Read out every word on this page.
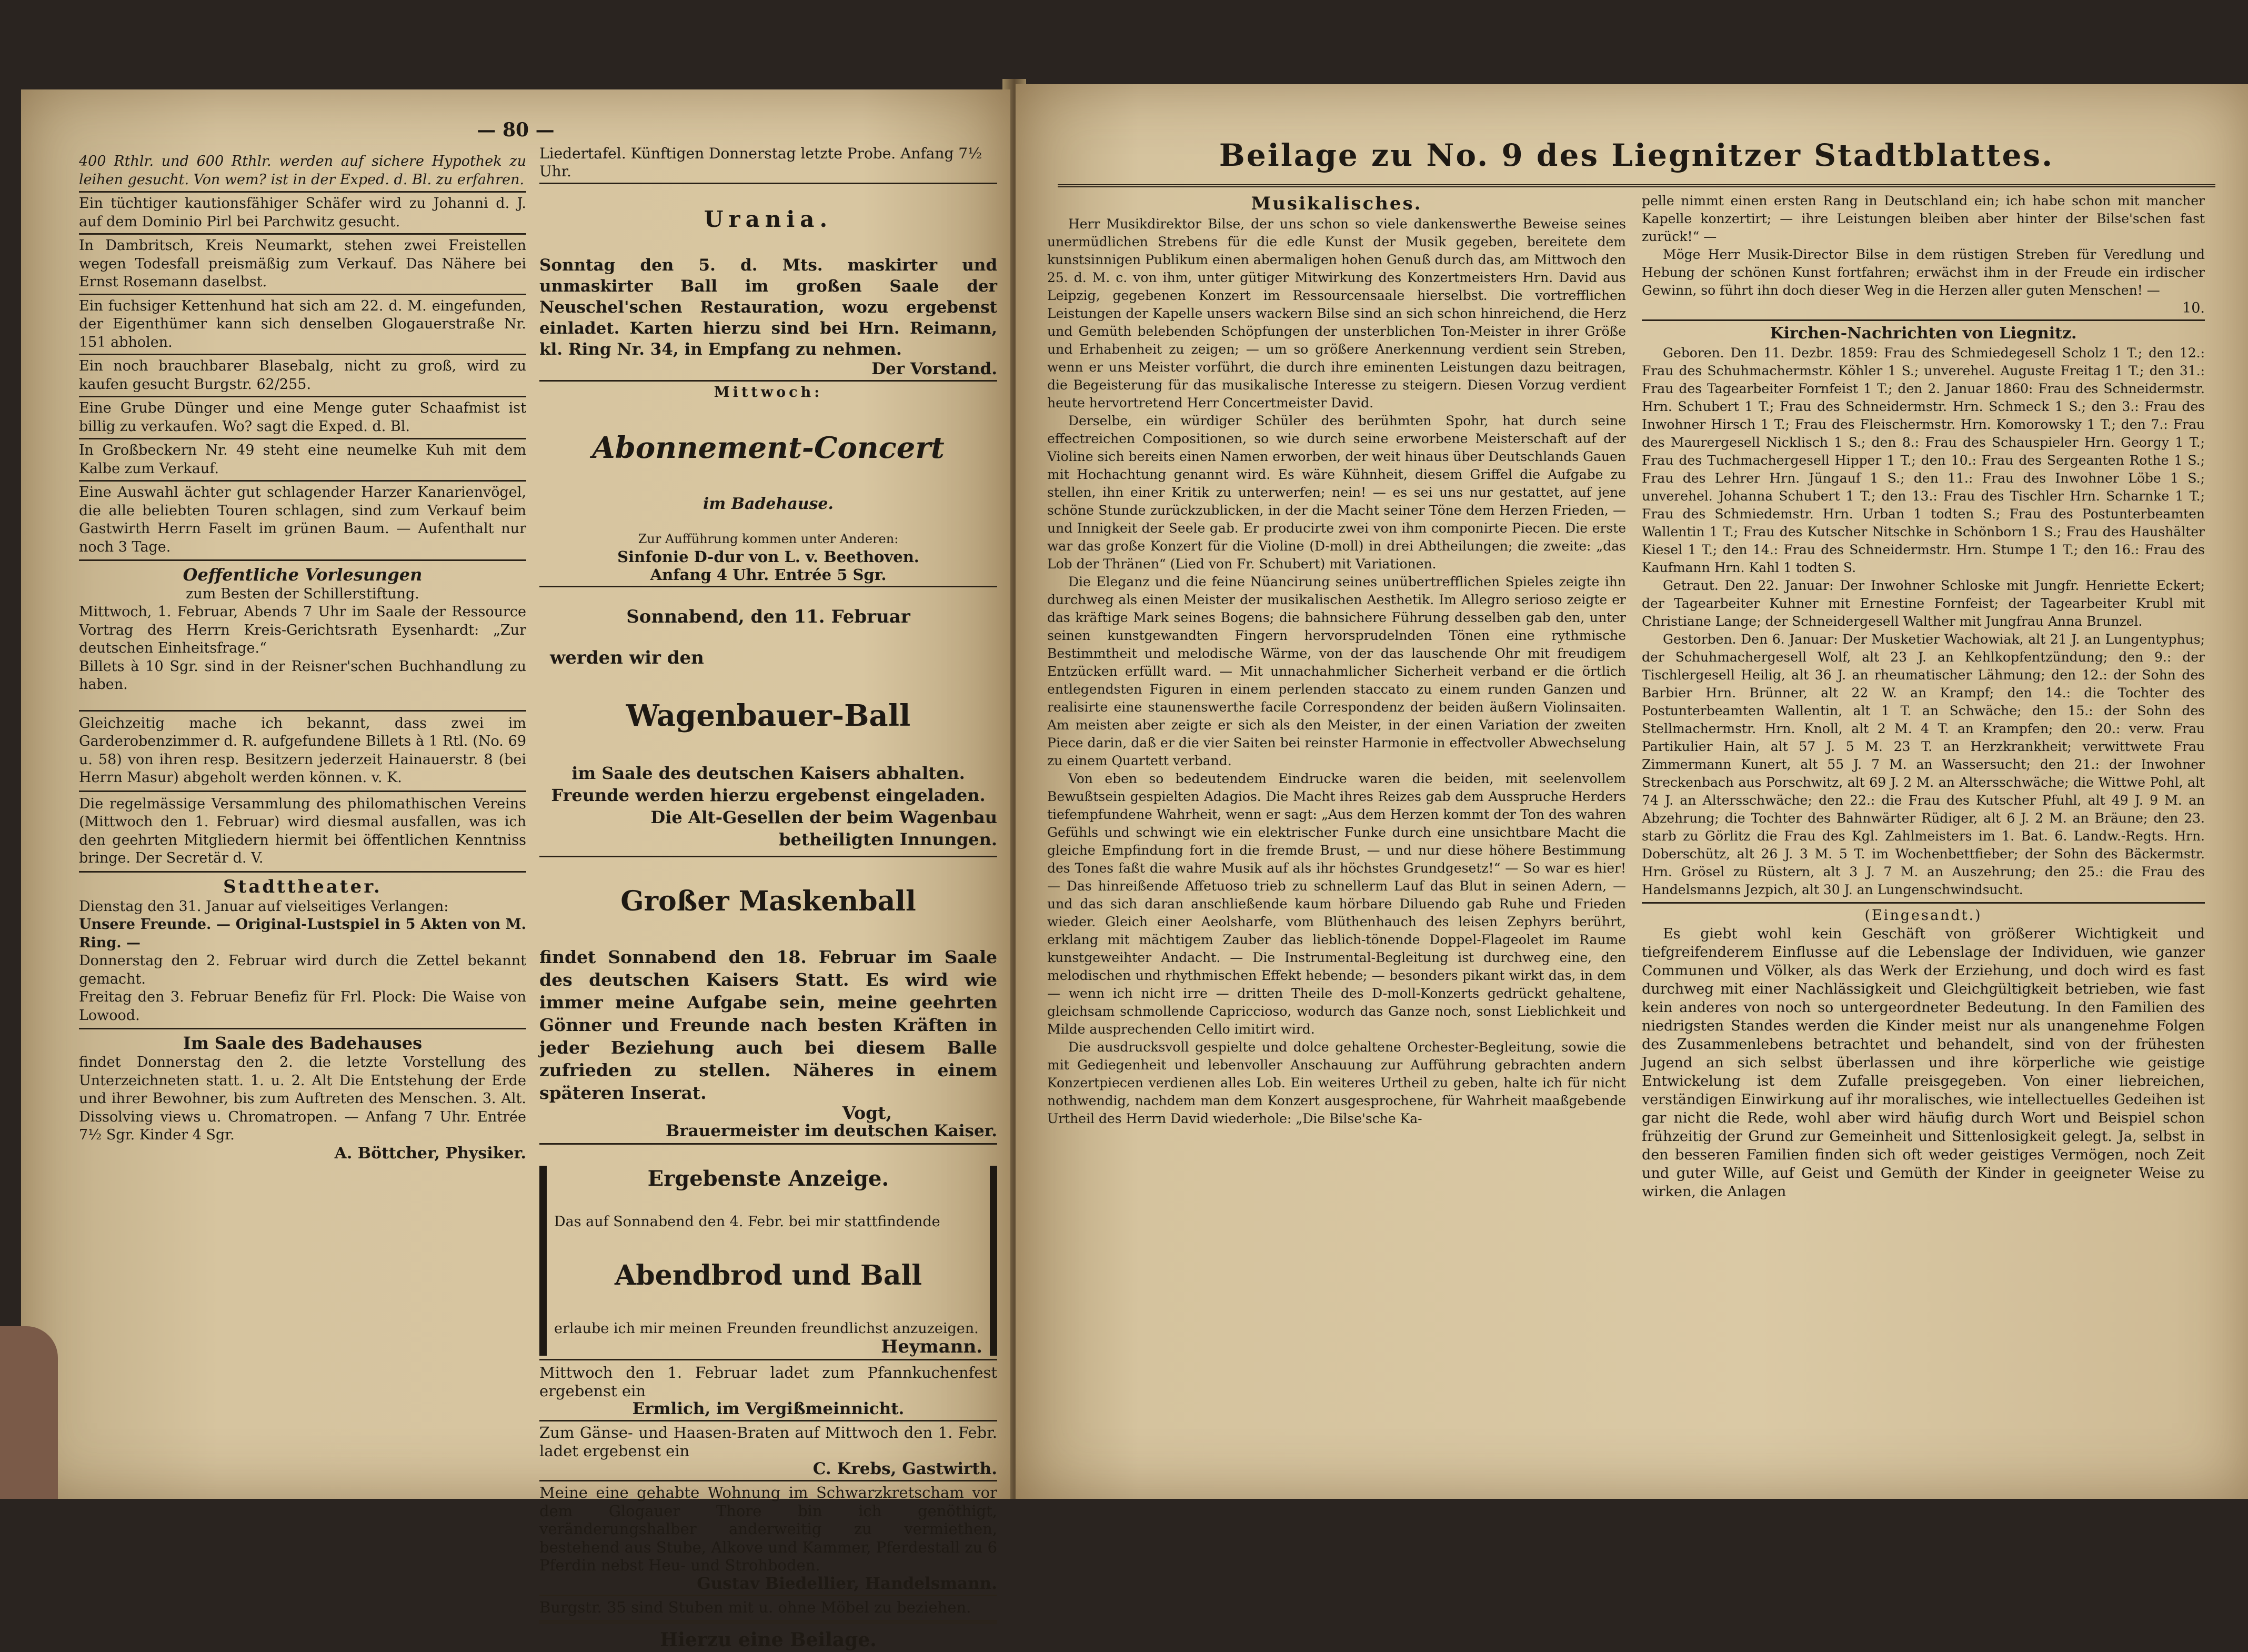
— 80 —

400 Rthlr. und 600 Rthlr. werden auf sichere Hypothek zu leihen gesucht. Von wem? ist in der Exped. d. Bl. zu erfahren.

Ein tüchtiger kautionsfähiger Schäfer wird zu Johanni d. J. auf dem Dominio Pirl bei Parchwitz gesucht.

In Dambritsch, Kreis Neumarkt, stehen zwei Freistellen wegen Todesfall preismäßig zum Verkauf. Das Nähere bei Ernst Rosemann daselbst.

Ein fuchsiger Kettenhund hat sich am 22. d. M. eingefunden, der Eigenthümer kann sich denselben Glogauerstraße Nr. 151 abholen.

Ein noch brauchbarer Blasebalg, nicht zu groß, wird zu kaufen gesucht Burgstr. 62/255.

Eine Grube Dünger und eine Menge guter Schaafmist ist billig zu verkaufen. Wo? sagt die Exped. d. Bl.

In Großbeckern Nr. 49 steht eine neumelke Kuh mit dem Kalbe zum Verkauf.

Eine Auswahl ächter gut schlagender Harzer Kanarienvögel, die alle beliebten Touren schlagen, sind zum Verkauf beim Gastwirth Herrn Faselt im grünen Baum. — Aufenthalt nur noch 3 Tage.

Oeffentliche Vorlesungen

zum Besten der Schillerstiftung.

Mittwoch, 1. Februar, Abends 7 Uhr im Saale der Ressource Vortrag des Herrn Kreis-Gerichtsrath Eysenhardt: „Zur deutschen Einheitsfrage.“

Billets à 10 Sgr. sind in der Reisner'schen Buchhandlung zu haben.

Gleichzeitig mache ich bekannt, dass zwei im Garderobenzimmer d. R. aufgefundene Billets à 1 Rtl. (No. 69 u. 58) von ihren resp. Besitzern jederzeit Hainauerstr. 8 (bei Herrn Masur) abgeholt werden können. v. K.

Die regelmässige Versammlung des philomathischen Vereins (Mittwoch den 1. Februar) wird diesmal ausfallen, was ich den geehrten Mitgliedern hiermit bei öffentlichen Kenntniss bringe. Der Secretär d. V.

Stadttheater.

Dienstag den 31. Januar auf vielseitiges Verlangen:

Unsere Freunde. — Original-Lustspiel in 5 Akten von M. Ring. —

Donnerstag den 2. Februar wird durch die Zettel bekannt gemacht.

Freitag den 3. Februar Benefiz für Frl. Plock: Die Waise von Lowood.

Im Saale des Badehauses

findet Donnerstag den 2. die letzte Vorstellung des Unterzeichneten statt. 1. u. 2. Alt Die Entstehung der Erde und ihrer Bewohner, bis zum Auftreten des Menschen. 3. Alt. Dissolving views u. Chromatropen. — Anfang 7 Uhr. Entrée 7½ Sgr. Kinder 4 Sgr.

A. Böttcher, Physiker.

Liedertafel. Künftigen Donnerstag letzte Probe. Anfang 7½ Uhr.

Urania.

Sonntag den 5. d. Mts. maskirter und unmaskirter Ball im großen Saale der Neuschel'schen Restauration, wozu ergebenst einladet. Karten hierzu sind bei Hrn. Reimann, kl. Ring Nr. 34, in Empfang zu nehmen.

Der Vorstand.

Mittwoch:

Abonnement-Concert

im Badehause.

Zur Aufführung kommen unter Anderen:

Sinfonie D-dur von L. v. Beethoven.

Anfang 4 Uhr. Entrée 5 Sgr.

Sonnabend, den 11. Februar

werden wir den

Wagenbauer-Ball

im Saale des deutschen Kaisers abhalten. Freunde werden hierzu ergebenst eingeladen.

Die Alt-Gesellen der beim Wagenbau betheiligten Innungen.

Großer Maskenball

findet Sonnabend den 18. Februar im Saale des deutschen Kaisers Statt. Es wird wie immer meine Aufgabe sein, meine geehrten Gönner und Freunde nach besten Kräften in jeder Beziehung auch bei diesem Balle zufrieden zu stellen. Näheres in einem späteren Inserat.

Vogt,

Brauermeister im deutschen Kaiser.

Ergebenste Anzeige.

Das auf Sonnabend den 4. Febr. bei mir stattfindende

Abendbrod und Ball

erlaube ich mir meinen Freunden freundlichst anzuzeigen.

Heymann.

Mittwoch den 1. Februar ladet zum Pfannkuchenfest ergebenst ein

Ermlich, im Vergißmeinnicht.

Zum Gänse- und Haasen-Braten auf Mittwoch den 1. Febr. ladet ergebenst ein

C. Krebs, Gastwirth.

Meine eine gehabte Wohnung im Schwarzkretscham vor dem Glogauer Thore bin ich genöthigt, veränderungshalber anderweitig zu vermiethen, bestehend aus Stube, Alkove und Kammer, Pferdestall zu 6 Pferdin nebst Heu- und Strohboden.

Gustav Biedellier, Handelsmann.

Burgstr. 35 sind Stuben mit u. ohne Möbel zu beziehen.

Hierzu eine Beilage.

Beilage zu No. 9 des Liegnitzer Stadtblattes.

Musikalisches.

Herr Musikdirektor Bilse, der uns schon so viele dankenswerthe Beweise seines unermüdlichen Strebens für die edle Kunst der Musik gegeben, bereitete dem kunstsinnigen Publikum einen abermaligen hohen Genuß durch das, am Mittwoch den 25. d. M. c. von ihm, unter gütiger Mitwirkung des Konzertmeisters Hrn. David aus Leipzig, gegebenen Konzert im Ressourcensaale hierselbst. Die vortrefflichen Leistungen der Kapelle unsers wackern Bilse sind an sich schon hinreichend, die Herz und Gemüth belebenden Schöpfungen der unsterblichen Ton-Meister in ihrer Größe und Erhabenheit zu zeigen; — um so größere Anerkennung verdient sein Streben, wenn er uns Meister vorführt, die durch ihre eminenten Leistungen dazu beitragen, die Begeisterung für das musikalische Interesse zu steigern. Diesen Vorzug verdient heute hervortretend Herr Concertmeister David.

Derselbe, ein würdiger Schüler des berühmten Spohr, hat durch seine effectreichen Compositionen, so wie durch seine erworbene Meisterschaft auf der Violine sich bereits einen Namen erworben, der weit hinaus über Deutschlands Gauen mit Hochachtung genannt wird. Es wäre Kühnheit, diesem Griffel die Aufgabe zu stellen, ihn einer Kritik zu unterwerfen; nein! — es sei uns nur gestattet, auf jene schöne Stunde zurückzublicken, in der die Macht seiner Töne dem Herzen Frieden, — und Innigkeit der Seele gab. Er producirte zwei von ihm componirte Piecen. Die erste war das große Konzert für die Violine (D-moll) in drei Abtheilungen; die zweite: „das Lob der Thränen“ (Lied von Fr. Schubert) mit Variationen.

Die Eleganz und die feine Nüancirung seines unübertrefflichen Spieles zeigte ihn durchweg als einen Meister der musikalischen Aesthetik. Im Allegro serioso zeigte er das kräftige Mark seines Bogens; die bahnsichere Führung desselben gab den, unter seinen kunstgewandten Fingern hervorsprudelnden Tönen eine rythmische Bestimmtheit und melodische Wärme, von der das lauschende Ohr mit freudigem Entzücken erfüllt ward. — Mit unnachahmlicher Sicherheit verband er die örtlich entlegendsten Figuren in einem perlenden staccato zu einem runden Ganzen und realisirte eine staunenswerthe facile Correspondenz der beiden äußern Violinsaiten. Am meisten aber zeigte er sich als den Meister, in der einen Variation der zweiten Piece darin, daß er die vier Saiten bei reinster Harmonie in effectvoller Abwechselung zu einem Quartett verband.

Von eben so bedeutendem Eindrucke waren die beiden, mit seelenvollem Bewußtsein gespielten Adagios. Die Macht ihres Reizes gab dem Ausspruche Herders tiefempfundene Wahrheit, wenn er sagt: „Aus dem Herzen kommt der Ton des wahren Gefühls und schwingt wie ein elektrischer Funke durch eine unsichtbare Macht die gleiche Empfindung fort in die fremde Brust, — und nur diese höhere Bestimmung des Tones faßt die wahre Musik auf als ihr höchstes Grundgesetz!“ — So war es hier! — Das hinreißende Affetuoso trieb zu schnellerm Lauf das Blut in seinen Adern, — und das sich daran anschließende kaum hörbare Diluendo gab Ruhe und Frieden wieder. Gleich einer Aeolsharfe, vom Blüthenhauch des leisen Zephyrs berührt, erklang mit mächtigem Zauber das lieblich-tönende Doppel-Flageolet im Raume kunstgeweihter Andacht. — Die Instrumental-Begleitung ist durchweg eine, den melodischen und rhythmischen Effekt hebende; — besonders pikant wirkt das, in dem — wenn ich nicht irre — dritten Theile des D-moll-Konzerts gedrückt gehaltene, gleichsam schmollende Capriccioso, wodurch das Ganze noch, sonst Lieblichkeit und Milde ausprechenden Cello imitirt wird.

Die ausdrucksvoll gespielte und dolce gehaltene Orchester-Begleitung, sowie die mit Gediegenheit und lebenvoller Anschauung zur Aufführung gebrachten andern Konzertpiecen verdienen alles Lob. Ein weiteres Urtheil zu geben, halte ich für nicht nothwendig, nachdem man dem Konzert ausgesprochene, für Wahrheit maaßgebende Urtheil des Herrn David wiederhole: „Die Bilse'sche Ka-

pelle nimmt einen ersten Rang in Deutschland ein; ich habe schon mit mancher Kapelle konzertirt; — ihre Leistungen bleiben aber hinter der Bilse'schen fast zurück!“ —

Möge Herr Musik-Director Bilse in dem rüstigen Streben für Veredlung und Hebung der schönen Kunst fortfahren; erwächst ihm in der Freude ein irdischer Gewinn, so führt ihn doch dieser Weg in die Herzen aller guten Menschen! —

10.

Kirchen-Nachrichten von Liegnitz.

Geboren. Den 11. Dezbr. 1859: Frau des Schmiedegesell Scholz 1 T.; den 12.: Frau des Schuhmachermstr. Köhler 1 S.; unverehel. Auguste Freitag 1 T.; den 31.: Frau des Tagearbeiter Fornfeist 1 T.; den 2. Januar 1860: Frau des Schneidermstr. Hrn. Schubert 1 T.; Frau des Schneidermstr. Hrn. Schmeck 1 S.; den 3.: Frau des Inwohner Hirsch 1 T.; Frau des Fleischermstr. Hrn. Komorowsky 1 T.; den 7.: Frau des Maurergesell Nicklisch 1 S.; den 8.: Frau des Schauspieler Hrn. Georgy 1 T.; Frau des Tuchmachergesell Hipper 1 T.; den 10.: Frau des Sergeanten Rothe 1 S.; Frau des Lehrer Hrn. Jüngauf 1 S.; den 11.: Frau des Inwohner Löbe 1 S.; unverehel. Johanna Schubert 1 T.; den 13.: Frau des Tischler Hrn. Scharnke 1 T.; Frau des Schmiedemstr. Hrn. Urban 1 todten S.; Frau des Postunterbeamten Wallentin 1 T.; Frau des Kutscher Nitschke in Schönborn 1 S.; Frau des Haushälter Kiesel 1 T.; den 14.: Frau des Schneidermstr. Hrn. Stumpe 1 T.; den 16.: Frau des Kaufmann Hrn. Kahl 1 todten S.

Getraut. Den 22. Januar: Der Inwohner Schloske mit Jungfr. Henriette Eckert; der Tagearbeiter Kuhner mit Ernestine Fornfeist; der Tagearbeiter Krubl mit Christiane Lange; der Schneidergesell Walther mit Jungfrau Anna Brunzel.

Gestorben. Den 6. Januar: Der Musketier Wachowiak, alt 21 J. an Lungentyphus; der Schuhmachergesell Wolf, alt 23 J. an Kehlkopfentzündung; den 9.: der Tischlergesell Heilig, alt 36 J. an rheumatischer Lähmung; den 12.: der Sohn des Barbier Hrn. Brünner, alt 22 W. an Krampf; den 14.: die Tochter des Postunterbeamten Wallentin, alt 1 T. an Schwäche; den 15.: der Sohn des Stellmachermstr. Hrn. Knoll, alt 2 M. 4 T. an Krampfen; den 20.: verw. Frau Partikulier Hain, alt 57 J. 5 M. 23 T. an Herzkrankheit; verwittwete Frau Zimmermann Kunert, alt 55 J. 7 M. an Wassersucht; den 21.: der Inwohner Streckenbach aus Porschwitz, alt 69 J. 2 M. an Altersschwäche; die Wittwe Pohl, alt 74 J. an Altersschwäche; den 22.: die Frau des Kutscher Pfuhl, alt 49 J. 9 M. an Abzehrung; die Tochter des Bahnwärter Rüdiger, alt 6 J. 2 M. an Bräune; den 23. starb zu Görlitz die Frau des Kgl. Zahlmeisters im 1. Bat. 6. Landw.-Regts. Hrn. Doberschütz, alt 26 J. 3 M. 5 T. im Wochenbettfieber; der Sohn des Bäckermstr. Hrn. Grösel zu Rüstern, alt 3 J. 7 M. an Auszehrung; den 25.: die Frau des Handelsmanns Jezpich, alt 30 J. an Lungenschwindsucht.

(Eingesandt.)

Es giebt wohl kein Geschäft von größerer Wichtigkeit und tiefgreifenderem Einflusse auf die Lebenslage der Individuen, wie ganzer Communen und Völker, als das Werk der Erziehung, und doch wird es fast durchweg mit einer Nachlässigkeit und Gleichgültigkeit betrieben, wie fast kein anderes von noch so untergeordneter Bedeutung. In den Familien des niedrigsten Standes werden die Kinder meist nur als unangenehme Folgen des Zusammenlebens betrachtet und behandelt, sind von der frühesten Jugend an sich selbst überlassen und ihre körperliche wie geistige Entwickelung ist dem Zufalle preisgegeben. Von einer liebreichen, verständigen Einwirkung auf ihr moralisches, wie intellectuelles Gedeihen ist gar nicht die Rede, wohl aber wird häufig durch Wort und Beispiel schon frühzeitig der Grund zur Gemeinheit und Sittenlosigkeit gelegt. Ja, selbst in den besseren Familien finden sich oft weder geistiges Vermögen, noch Zeit und guter Wille, auf Geist und Gemüth der Kinder in geeigneter Weise zu wirken, die Anlagen
